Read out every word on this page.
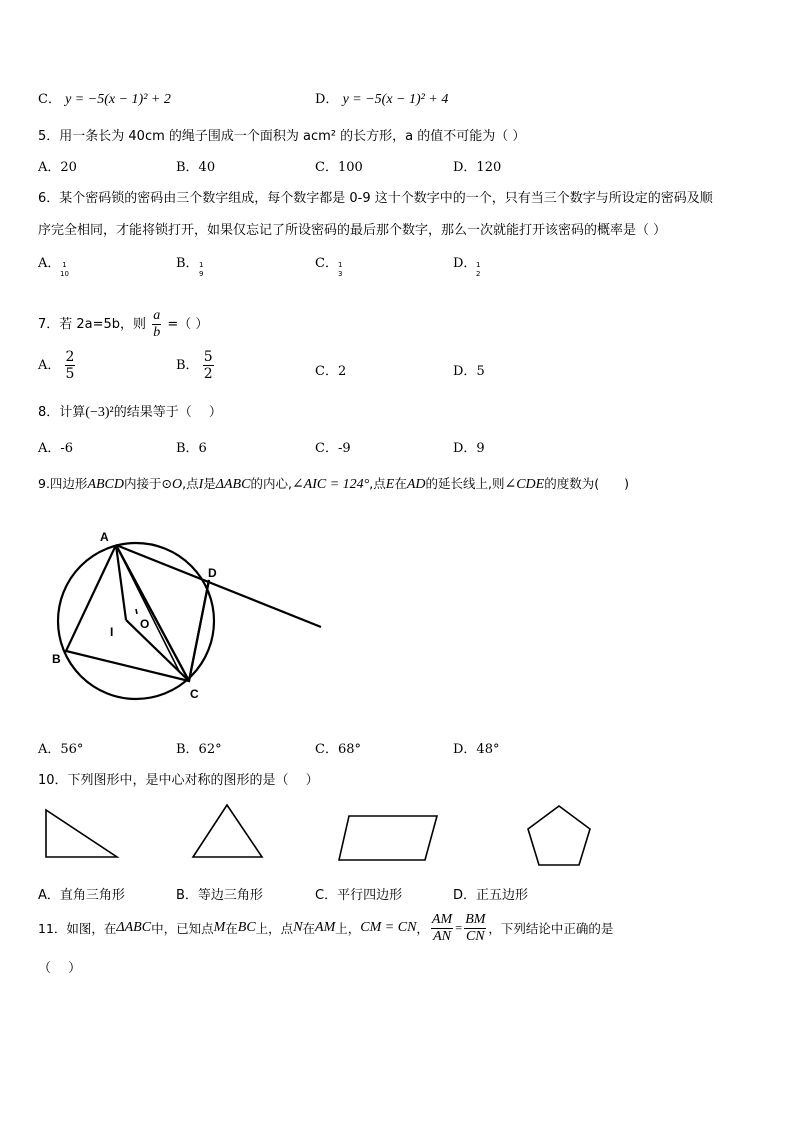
C． y = −5(x − 1)² + 2	D． y = −5(x − 1)² + 4
5．用一条长为 40cm 的绳子围成一个面积为 acm² 的长方形，a 的值不可能为（ ）
A．20	B．40	C．100	D．120
6．某个密码锁的密码由三个数字组成，每个数字都是 0-9 这十个数字中的一个，只有当三个数字与所设定的密码及顺
序完全相同，才能将锁打开，如果仅忘记了所设密码的最后那个数字，那么一次就能打开该密码的概率是（ ）
A． 1
10
B． 1
9
C． 1
3
D． 1
2
7．若 2a=5b，则 $\frac{a}{b}$ =（ ）
A． $\frac{2}{5}$	B． $\frac{5}{2}$	C．2	D．5
8．计算(−3)²的结果等于（　 ）
A．-6	B．6	C．-9	D．9
9.四边形ABCD内接于⊙O,点I是ΔABC的内心,∠AIC = 124°,点E在AD的延长线上,则∠CDE的度数为(　　)
A
B
C
D
I
O
A．56°	B．62°	C．68°	D．48°
10．下列图形中，是中心对称的图形的是（　 ）
A．直角三角形	B．等边三角形	C．平行四边形	D．正五边形
11．如图，在 ΔABC 中，已知点 M 在 BC 上，点 N 在 AM 上， CM = CN ， $\frac{AM}{AN} = \frac{BM}{CN}$ ，下列结论中正确的是
（　 ）
